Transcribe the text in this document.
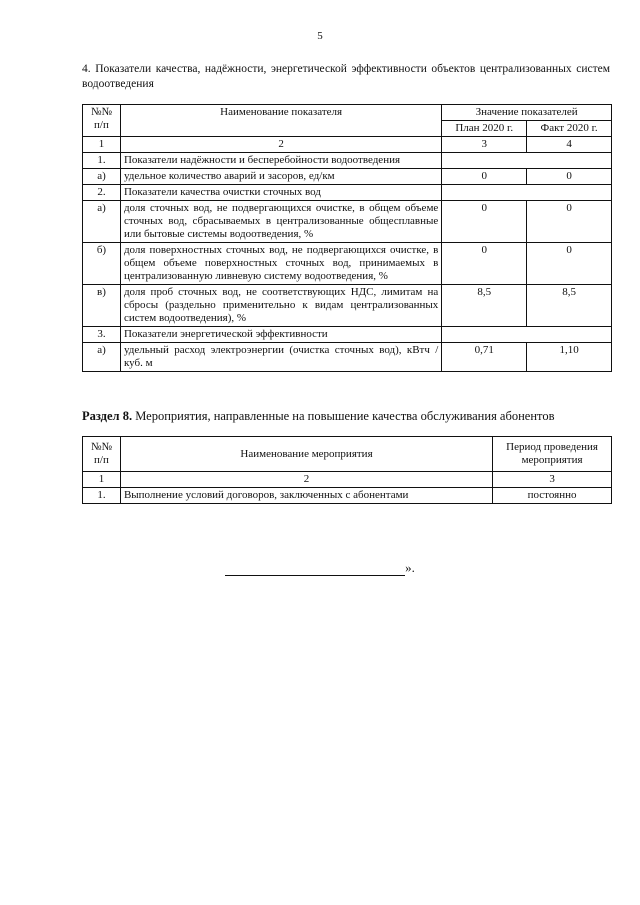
5
4. Показатели качества, надёжности, энергетической эффективности объектов централизованных систем водоотведения
№№ п/п	Наименование показателя	Значение показателей	
		План 2020 г.	Факт 2020 г.
1	2	3	4
1.	Показатели надёжности и бесперебойности водоотведения		
а)	удельное количество аварий и засоров, ед/км	0	0
2.	Показатели качества очистки сточных вод		
а)	доля сточных вод, не подвергающихся очистке, в общем объеме сточных вод, сбрасываемых в централизованные общесплавные или бытовые системы водоотведения, %	0	0
б)	доля поверхностных сточных вод, не подвергающихся очистке, в общем объеме поверхностных сточных вод, принимаемых в централизованную ливневую систему водоотведения, %	0	0
в)	доля проб сточных вод, не соответствующих НДС, лимитам на сбросы (раздельно применительно к видам централизованных систем водоотведения), %	8,5	8,5
3.	Показатели энергетической эффективности		
а)	удельный расход электроэнергии (очистка сточных вод), кВтч / куб. м	0,71	1,10
Раздел 8. Мероприятия, направленные на повышение качества обслуживания абонентов
№№ п/п	Наименование мероприятия	Период проведения мероприятия
1	2	3
1.	Выполнение условий договоров, заключенных с абонентами	постоянно
».
